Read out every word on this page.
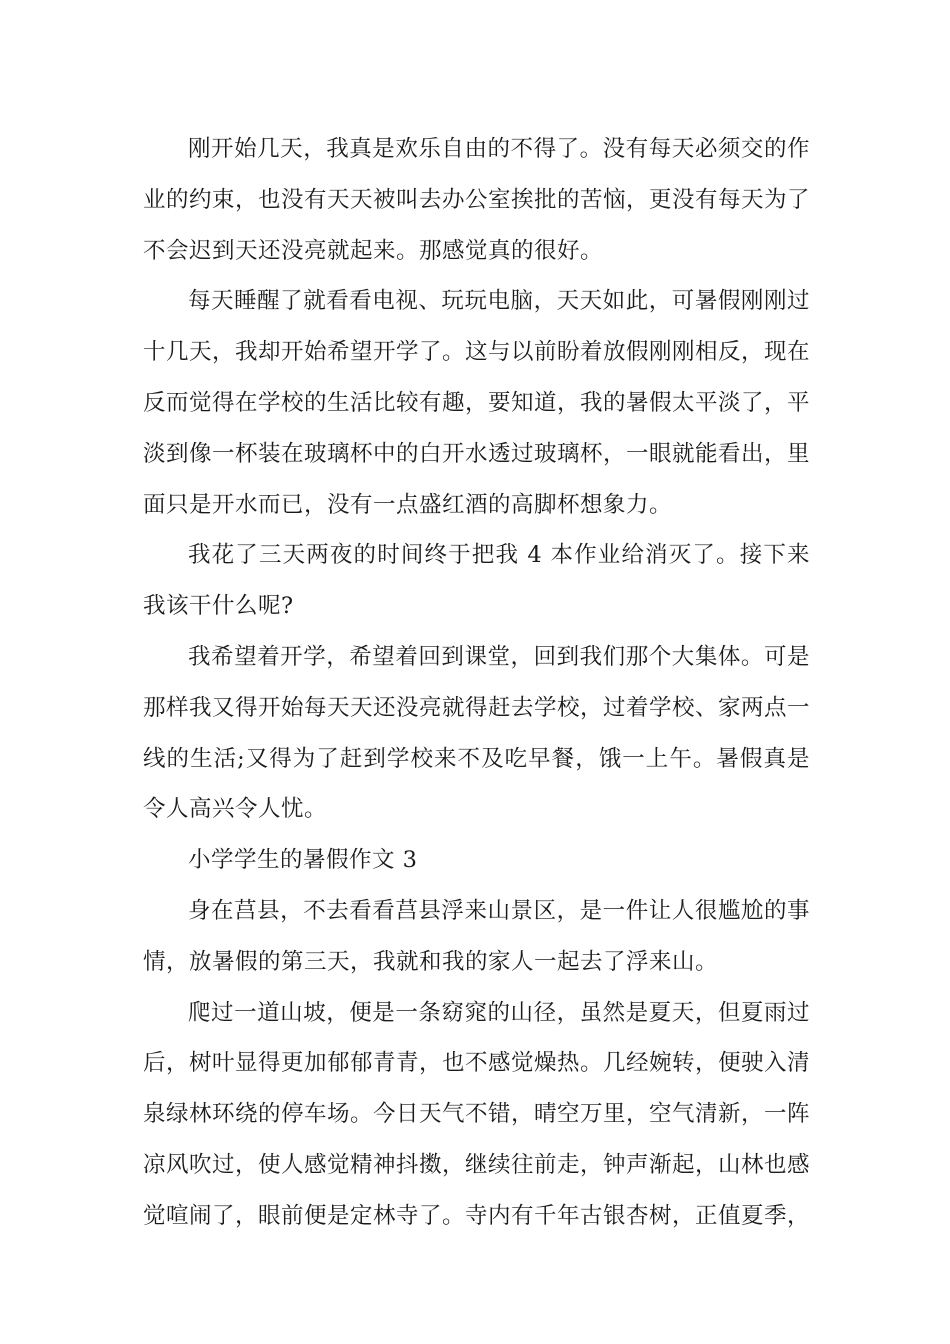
刚开始几天，我真是欢乐自由的不得了。没有每天必须交的作业的约束，也没有天天被叫去办公室挨批的苦恼，更没有每天为了不会迟到天还没亮就起来。那感觉真的很好。

每天睡醒了就看看电视、玩玩电脑，天天如此，可暑假刚刚过十几天，我却开始希望开学了。这与以前盼着放假刚刚相反，现在反而觉得在学校的生活比较有趣，要知道，我的暑假太平淡了，平淡到像一杯装在玻璃杯中的白开水透过玻璃杯，一眼就能看出，里面只是开水而已，没有一点盛红酒的高脚杯想象力。

我花了三天两夜的时间终于把我 4 本作业给消灭了。接下来我该干什么呢?

我希望着开学，希望着回到课堂，回到我们那个大集体。可是那样我又得开始每天天还没亮就得赶去学校，过着学校、家两点一线的生活;又得为了赶到学校来不及吃早餐，饿一上午。暑假真是令人高兴令人忧。

小学学生的暑假作文 3

身在莒县，不去看看莒县浮来山景区，是一件让人很尴尬的事情，放暑假的第三天，我就和我的家人一起去了浮来山。

爬过一道山坡，便是一条窈窕的山径，虽然是夏天，但夏雨过后，树叶显得更加郁郁青青，也不感觉燥热。几经婉转，便驶入清泉绿林环绕的停车场。今日天气不错，晴空万里，空气清新，一阵凉风吹过，使人感觉精神抖擞，继续往前走，钟声渐起，山林也感觉喧闹了，眼前便是定林寺了。寺内有千年古银杏树，正值夏季，
